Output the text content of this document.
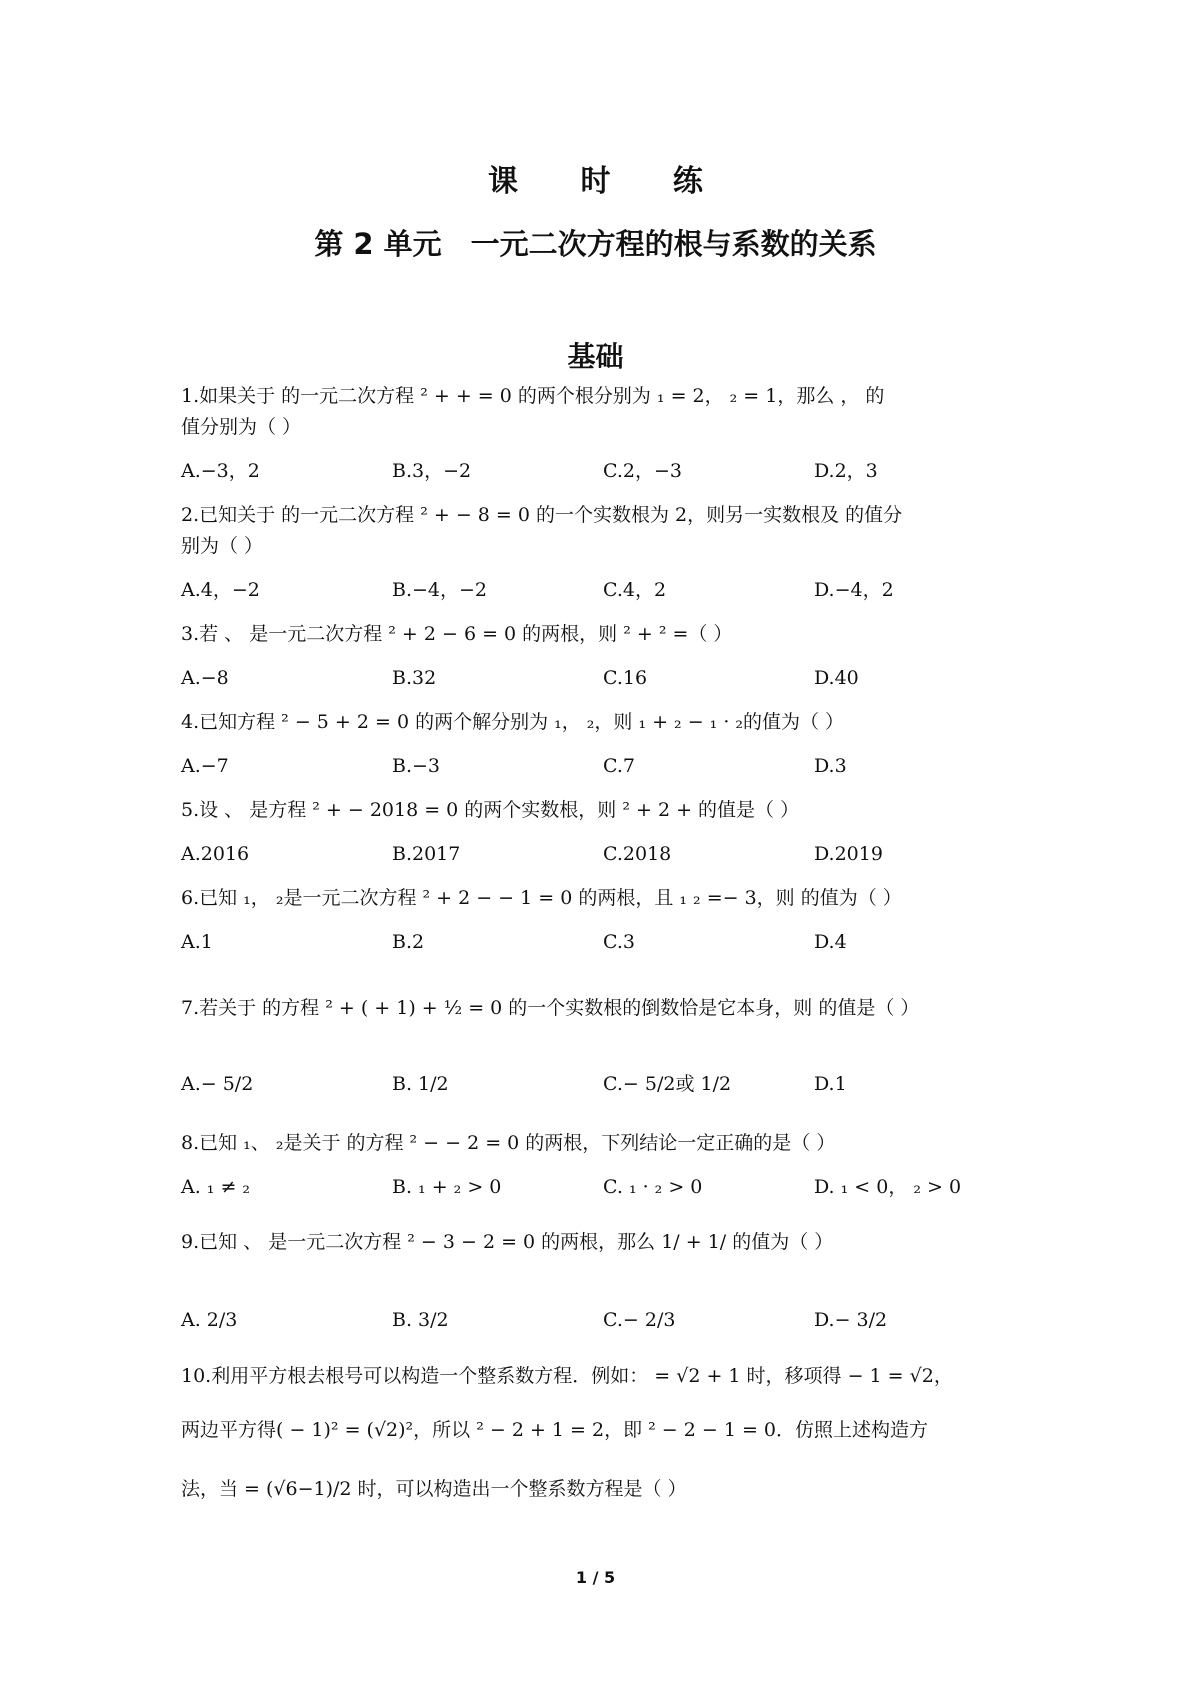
课 时 练
第 2 单元　一元二次方程的根与系数的关系
基础
1.如果关于 的一元二次方程 ² + + = 0 的两个根分别为 ₁ = 2， ₂ = 1，那么 ， 的
值分别为（ ）
A.−3，2	B.3，−2	C.2，−3	D.2，3
2.已知关于 的一元二次方程 ² + − 8 = 0 的一个实数根为 2，则另一实数根及 的值分
别为（ ）
A.4，−2	B.−4，−2	C.4，2	D.−4，2
3.若 、 是一元二次方程 ² + 2 − 6 = 0 的两根，则 ² + ² =（ ）
A.−8	B.32	C.16	D.40
4.已知方程 ² − 5 + 2 = 0 的两个解分别为 ₁， ₂，则 ₁ + ₂ − ₁ · ₂的值为（ ）
A.−7	B.−3	C.7	D.3
5.设 、 是方程 ² + − 2018 = 0 的两个实数根，则 ² + 2 + 的值是（ ）
A.2016	B.2017	C.2018	D.2019
6.已知 ₁， ₂是一元二次方程 ² + 2 − − 1 = 0 的两根，且 ₁ ₂ =− 3，则 的值为（ ）
A.1	B.2	C.3	D.4
7.若关于 的方程 ² + ( + 1) + ½ = 0 的一个实数根的倒数恰是它本身，则 的值是（ ）
A.− 5/2	B. 1/2	C.− 5/2或 1/2	D.1
8.已知 ₁、 ₂是关于 的方程 ² − − 2 = 0 的两根，下列结论一定正确的是（ ）
A. ₁ ≠ ₂	B. ₁ + ₂ > 0	C. ₁ · ₂ > 0	D. ₁ < 0， ₂ > 0
9.已知 、 是一元二次方程 ² − 3 − 2 = 0 的两根，那么 1/ + 1/ 的值为（ ）
A. 2/3	B. 3/2	C.− 2/3	D.− 3/2
10.利用平方根去根号可以构造一个整系数方程．例如： = √2 + 1 时，移项得 − 1 = √2，
两边平方得( − 1)² = (√2)²，所以 ² − 2 + 1 = 2，即 ² − 2 − 1 = 0．仿照上述构造方
法，当 = (√6−1)/2 时，可以构造出一个整系数方程是（ ）
1 / 5
